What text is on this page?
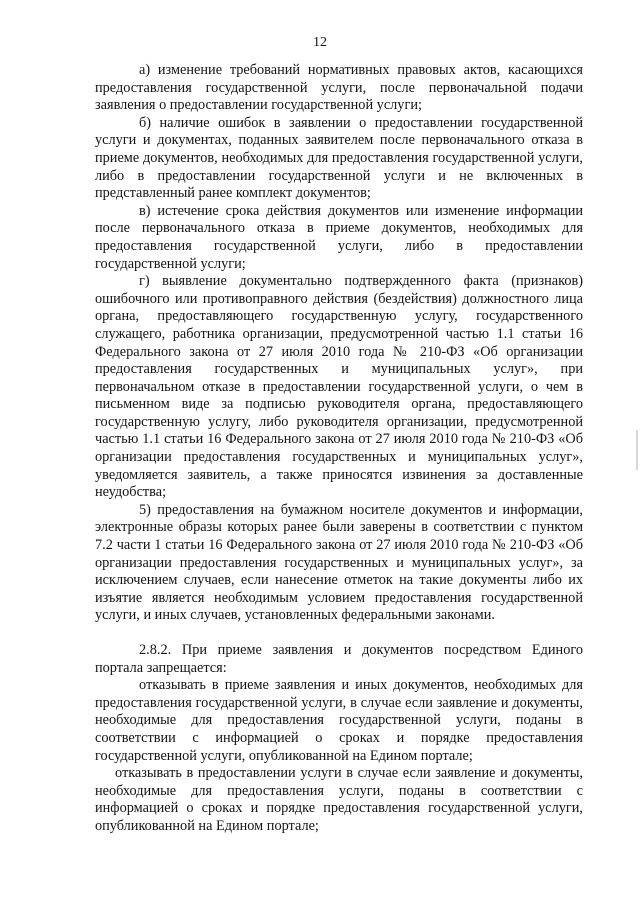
12

а) изменение требований нормативных правовых актов, касающихся предоставления государственной услуги, после первоначальной подачи заявления о предоставлении государственной услуги;

б) наличие ошибок в заявлении о предоставлении государственной услуги и документах, поданных заявителем после первоначального отказа в приеме документов, необходимых для предоставления государственной услуги, либо в предоставлении государственной услуги и не включенных в представленный ранее комплект документов;

в) истечение срока действия документов или изменение информации после первоначального отказа в приеме документов, необходимых для предоставления государственной услуги, либо в предоставлении государственной услуги;

г) выявление документально подтвержденного факта (признаков) ошибочного или противоправного действия (бездействия) должностного лица органа, предоставляющего государственную услугу, государственного служащего, работника организации, предусмотренной частью 1.1 статьи 16 Федерального закона от 27 июля 2010 года № 210-ФЗ «Об организации предоставления государственных и муниципальных услуг», при первоначальном отказе в предоставлении государственной услуги, о чем в письменном виде за подписью руководителя органа, предоставляющего государственную услугу, либо руководителя организации, предусмотренной частью 1.1 статьи 16 Федерального закона от 27 июля 2010 года № 210-ФЗ «Об организации предоставления государственных и муниципальных услуг», уведомляется заявитель, а также приносятся извинения за доставленные неудобства;

5) предоставления на бумажном носителе документов и информации, электронные образы которых ранее были заверены в соответствии с пунктом 7.2 части 1 статьи 16 Федерального закона от 27 июля 2010 года № 210-ФЗ «Об организации предоставления государственных и муниципальных услуг», за исключением случаев, если нанесение отметок на такие документы либо их изъятие является необходимым условием предоставления государственной услуги, и иных случаев, установленных федеральными законами.

2.8.2. При приеме заявления и документов посредством Единого портала запрещается:

отказывать в приеме заявления и иных документов, необходимых для предоставления государственной услуги, в случае если заявление и документы, необходимые для предоставления государственной услуги, поданы в соответствии с информацией о сроках и порядке предоставления государственной услуги, опубликованной на Едином портале;

отказывать в предоставлении услуги в случае если заявление и документы, необходимые для предоставления услуги, поданы в соответствии с информацией о сроках и порядке предоставления государственной услуги, опубликованной на Едином портале;
